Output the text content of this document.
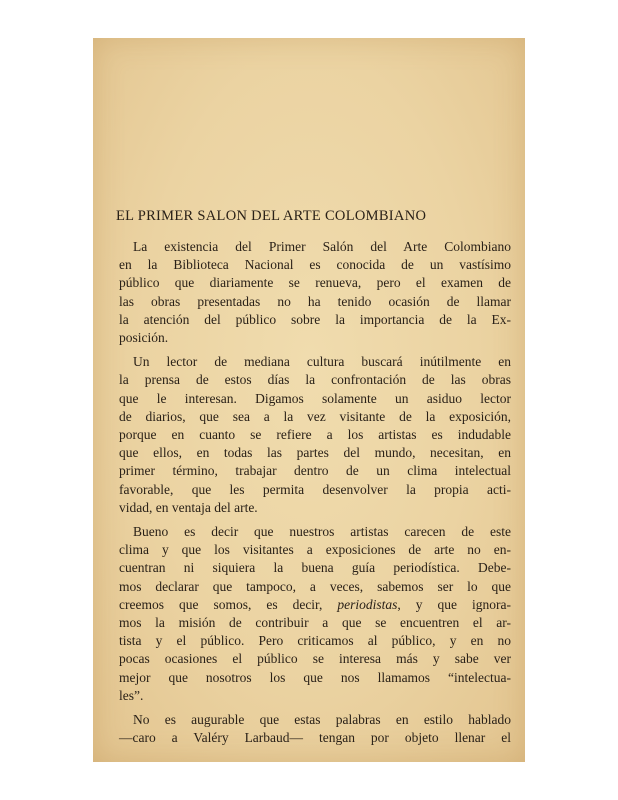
EL PRIMER SALON DEL ARTE COLOMBIANO

La existencia del Primer Salón del Arte Colombiano
en la Biblioteca Nacional es conocida de un vastísimo
público que diariamente se renueva, pero el examen de
las obras presentadas no ha tenido ocasión de llamar
la atención del público sobre la importancia de la Ex-
posición.

Un lector de mediana cultura buscará inútilmente en
la prensa de estos días la confrontación de las obras
que le interesan. Digamos solamente un asiduo lector
de diarios, que sea a la vez visitante de la exposición,
porque en cuanto se refiere a los artistas es indudable
que ellos, en todas las partes del mundo, necesitan, en
primer término, trabajar dentro de un clima intelectual
favorable, que les permita desenvolver la propia acti-
vidad, en ventaja del arte.

Bueno es decir que nuestros artistas carecen de este
clima y que los visitantes a exposiciones de arte no en-
cuentran ni siquiera la buena guía periodística. Debe-
mos declarar que tampoco, a veces, sabemos ser lo que
creemos que somos, es decir, periodistas, y que ignora-
mos la misión de contribuir a que se encuentren el ar-
tista y el público. Pero criticamos al público, y en no
pocas ocasiones el público se interesa más y sabe ver
mejor que nosotros los que nos llamamos “intelectua-
les”.

No es augurable que estas palabras en estilo hablado
—caro a Valéry Larbaud— tengan por objeto llenar el
